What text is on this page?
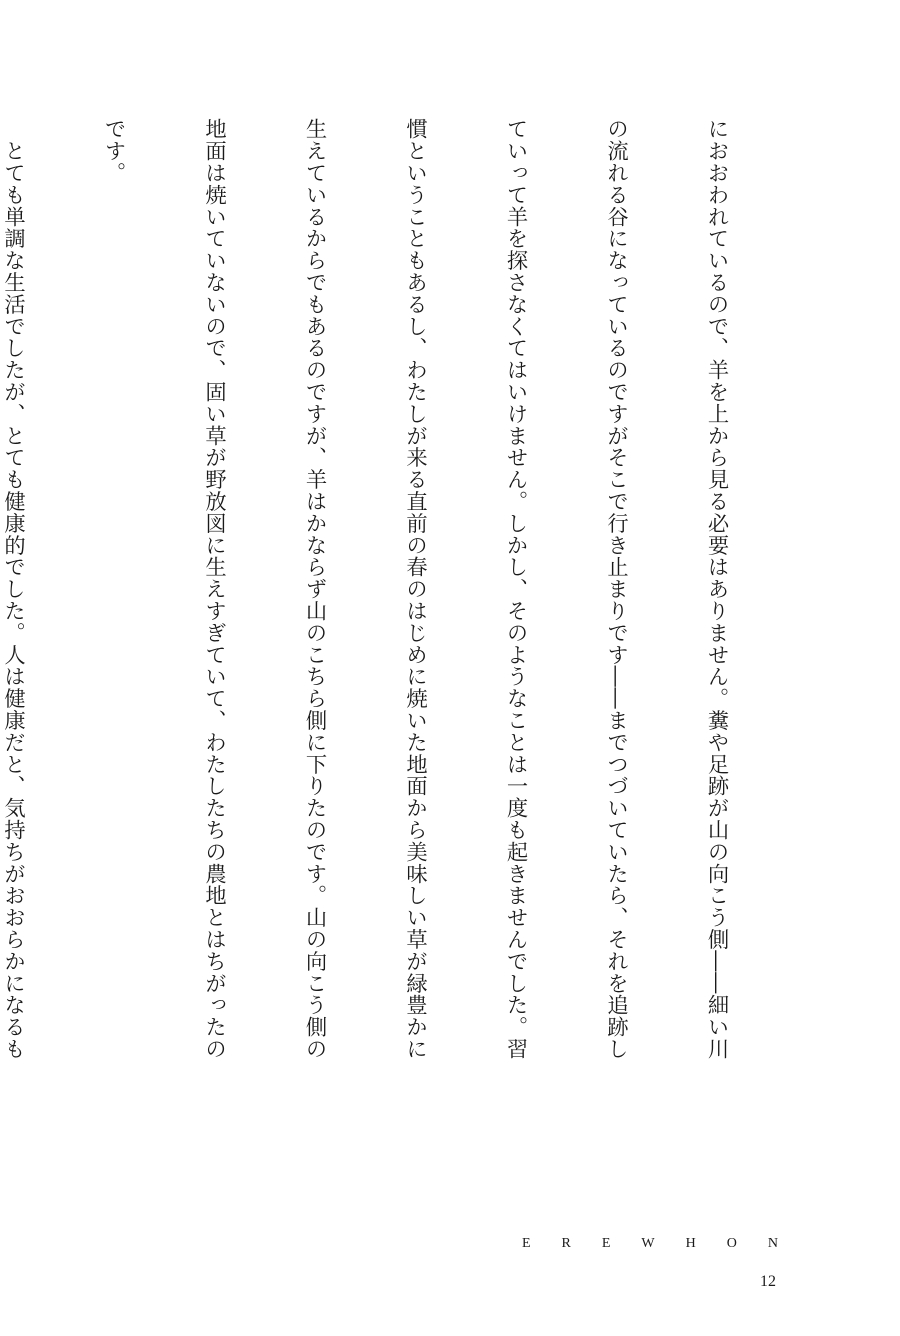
におおわれているので、羊を上から見る必要はありません。糞や足跡が山の向こう側――細い川

の流れる谷になっているのですがそこで行き止まりです――までつづいていたら、それを追跡し

ていって羊を探さなくてはいけません。しかし、そのようなことは一度も起きませんでした。習

慣ということもあるし、わたしが来る直前の春のはじめに焼いた地面から美味しい草が緑豊かに

生えているからでもあるのですが、羊はかならず山のこちら側に下りたのです。山の向こう側の

地面は焼いていないので、固い草が野放図に生えすぎていて、わたしたちの農地とはちがったの

です。

　とても単調な生活でしたが、とても健康的でした。人は健康だと、気持ちがおおらかになるも

E R E W H O N
12
